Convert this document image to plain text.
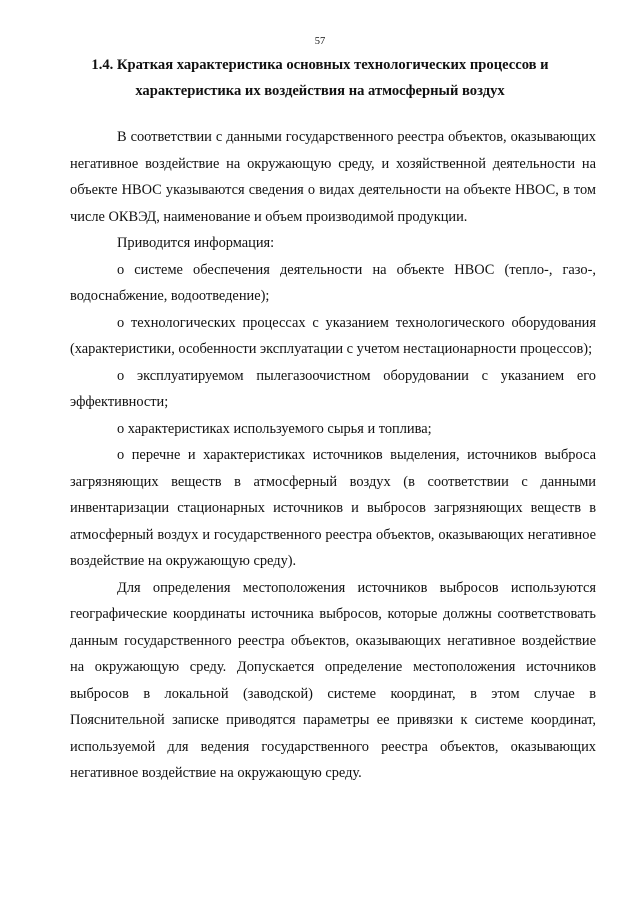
57
1.4. Краткая характеристика основных технологических процессов и
характеристика их воздействия на атмосферный воздух

В соответствии с данными государственного реестра объектов, оказывающих негативное воздействие на окружающую среду, и хозяйственной деятельности на объекте НВОС указываются сведения о видах деятельности на объекте НВОС, в том числе ОКВЭД, наименование и объем производимой продукции.

Приводится информация:

о системе обеспечения деятельности на объекте НВОС (тепло-, газо-, водоснабжение, водоотведение);

о технологических процессах с указанием технологического оборудования (характеристики, особенности эксплуатации с учетом нестационарности процессов);

о эксплуатируемом пылегазоочистном оборудовании с указанием его эффективности;

о характеристиках используемого сырья и топлива;

о перечне и характеристиках источников выделения, источников выброса загрязняющих веществ в атмосферный воздух (в соответствии с данными инвентаризации стационарных источников и выбросов загрязняющих веществ в атмосферный воздух и государственного реестра объектов, оказывающих негативное воздействие на окружающую среду).

Для определения местоположения источников выбросов используются географические координаты источника выбросов, которые должны соответствовать данным государственного реестра объектов, оказывающих негативное воздействие на окружающую среду. Допускается определение местоположения источников выбросов в локальной (заводской) системе координат, в этом случае в Пояснительной записке приводятся параметры ее привязки к системе координат, используемой для ведения государственного реестра объектов, оказывающих негативное воздействие на окружающую среду.
